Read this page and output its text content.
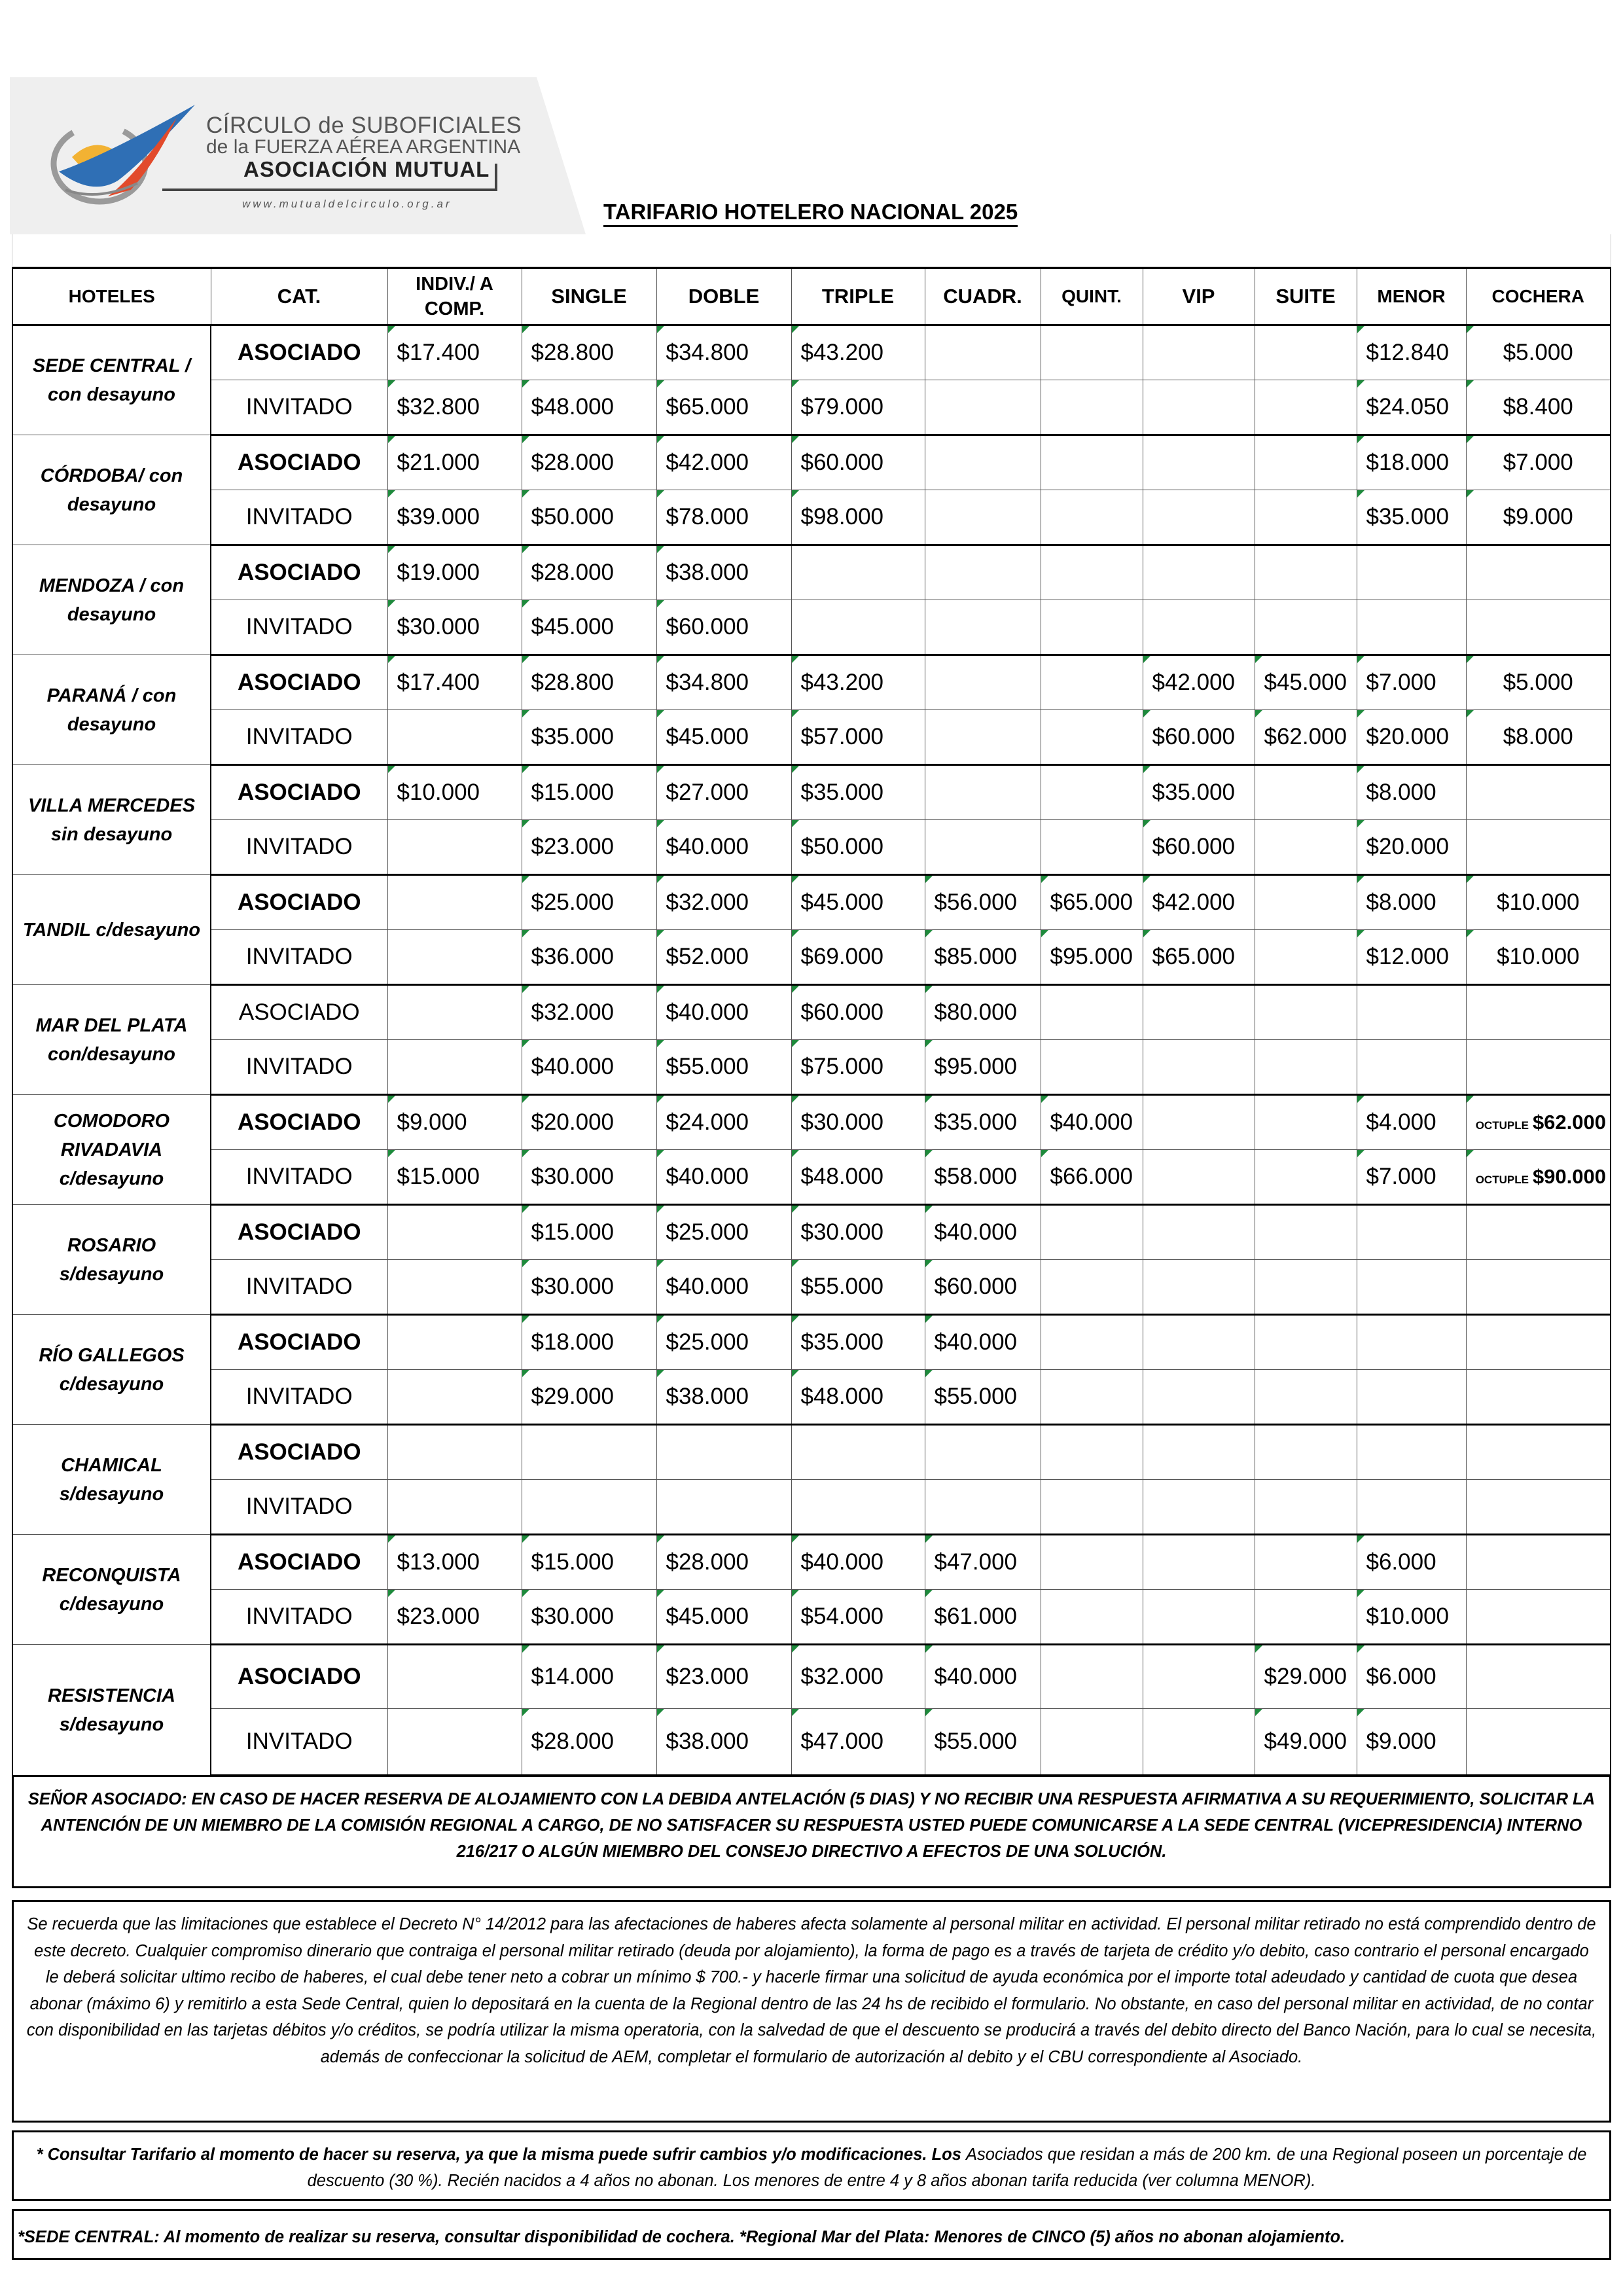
CÍRCULO de SUBOFICIALES
de la FUERZA AÉREA ARGENTINA
ASOCIACIÓN MUTUAL
www.mutualdelcirculo.org.ar	TARIFARIO HOTELERO NACIONAL 2025
HOTELES	CAT.	INDIV./ A COMP.	SINGLE	DOBLE	TRIPLE	CUADR.	QUINT.	VIP	SUITE	MENOR	COCHERA
SEDE CENTRAL / con desayuno	ASOCIADO	$17.400	$28.800	$34.800	$43.200					$12.840	$5.000
	INVITADO	$32.800	$48.000	$65.000	$79.000					$24.050	$8.400
CÓRDOBA/ con desayuno	ASOCIADO	$21.000	$28.000	$42.000	$60.000					$18.000	$7.000
	INVITADO	$39.000	$50.000	$78.000	$98.000					$35.000	$9.000
MENDOZA / con desayuno	ASOCIADO	$19.000	$28.000	$38.000							
	INVITADO	$30.000	$45.000	$60.000							
PARANÁ / con desayuno	ASOCIADO	$17.400	$28.800	$34.800	$43.200			$42.000	$45.000	$7.000	$5.000
	INVITADO		$35.000	$45.000	$57.000			$60.000	$62.000	$20.000	$8.000
VILLA MERCEDES sin desayuno	ASOCIADO	$10.000	$15.000	$27.000	$35.000			$35.000		$8.000	
	INVITADO		$23.000	$40.000	$50.000			$60.000		$20.000	
TANDIL c/desayuno	ASOCIADO		$25.000	$32.000	$45.000	$56.000	$65.000	$42.000		$8.000	$10.000
	INVITADO		$36.000	$52.000	$69.000	$85.000	$95.000	$65.000		$12.000	$10.000
MAR DEL PLATA con/desayuno	ASOCIADO		$32.000	$40.000	$60.000	$80.000					
	INVITADO		$40.000	$55.000	$75.000	$95.000					
COMODORO RIVADAVIA c/desayuno	ASOCIADO	$9.000	$20.000	$24.000	$30.000	$35.000	$40.000			$4.000	OCTUPLE $62.000
	INVITADO	$15.000	$30.000	$40.000	$48.000	$58.000	$66.000			$7.000	OCTUPLE $90.000
ROSARIO s/desayuno	ASOCIADO		$15.000	$25.000	$30.000	$40.000					
	INVITADO		$30.000	$40.000	$55.000	$60.000					
RÍO GALLEGOS c/desayuno	ASOCIADO		$18.000	$25.000	$35.000	$40.000					
	INVITADO		$29.000	$38.000	$48.000	$55.000					
CHAMICAL s/desayuno	ASOCIADO										
	INVITADO										
RECONQUISTA c/desayuno	ASOCIADO	$13.000	$15.000	$28.000	$40.000	$47.000				$6.000	
	INVITADO	$23.000	$30.000	$45.000	$54.000	$61.000				$10.000	
RESISTENCIA s/desayuno	ASOCIADO		$14.000	$23.000	$32.000	$40.000			$29.000	$6.000	
	INVITADO		$28.000	$38.000	$47.000	$55.000			$49.000	$9.000	
SEÑOR ASOCIADO: EN CASO DE HACER RESERVA DE ALOJAMIENTO CON LA DEBIDA ANTELACIÓN (5 DIAS) Y NO RECIBIR UNA RESPUESTA AFIRMATIVA A SU REQUERIMIENTO, SOLICITAR LA ANTENCIÓN DE UN MIEMBRO DE LA COMISIÓN REGIONAL A CARGO, DE NO SATISFACER SU RESPUESTA USTED PUEDE COMUNICARSE A LA SEDE CENTRAL (VICEPRESIDENCIA) INTERNO 216/217 O ALGÚN MIEMBRO DEL CONSEJO DIRECTIVO A EFECTOS DE UNA SOLUCIÓN.
Se recuerda que las limitaciones que establece el Decreto N° 14/2012 para las afectaciones de haberes afecta solamente al personal militar en actividad. El personal militar retirado no está comprendido dentro de este decreto. Cualquier compromiso dinerario que contraiga el personal militar retirado (deuda por alojamiento), la forma de pago es a través de tarjeta de crédito y/o debito, caso contrario el personal encargado le deberá solicitar ultimo recibo de haberes, el cual debe tener neto a cobrar un mínimo $ 700.- y hacerle firmar una solicitud de ayuda económica por el importe total adeudado y cantidad de cuota que desea abonar (máximo 6) y remitirlo a esta Sede Central, quien lo depositará en la cuenta de la Regional dentro de las 24 hs de recibido el formulario. No obstante, en caso del personal militar en actividad, de no contar con disponibilidad en las tarjetas débitos y/o créditos, se podría utilizar la misma operatoria, con la salvedad de que el descuento se producirá a través del debito directo del Banco Nación, para lo cual se necesita, además de confeccionar la solicitud de AEM, completar el formulario de autorización al debito y el CBU correspondiente al Asociado.
* Consultar Tarifario al momento de hacer su reserva, ya que la misma puede sufrir cambios y/o modificaciones. Los Asociados que residan a más de 200 km. de una Regional poseen un porcentaje de descuento (30 %). Recién nacidos a 4 años no abonan. Los menores de entre 4 y 8 años abonan tarifa reducida (ver columna MENOR).
*SEDE CENTRAL: Al momento de realizar su reserva, consultar disponibilidad de cochera. *Regional Mar del Plata: Menores de CINCO (5) años no abonan alojamiento.
